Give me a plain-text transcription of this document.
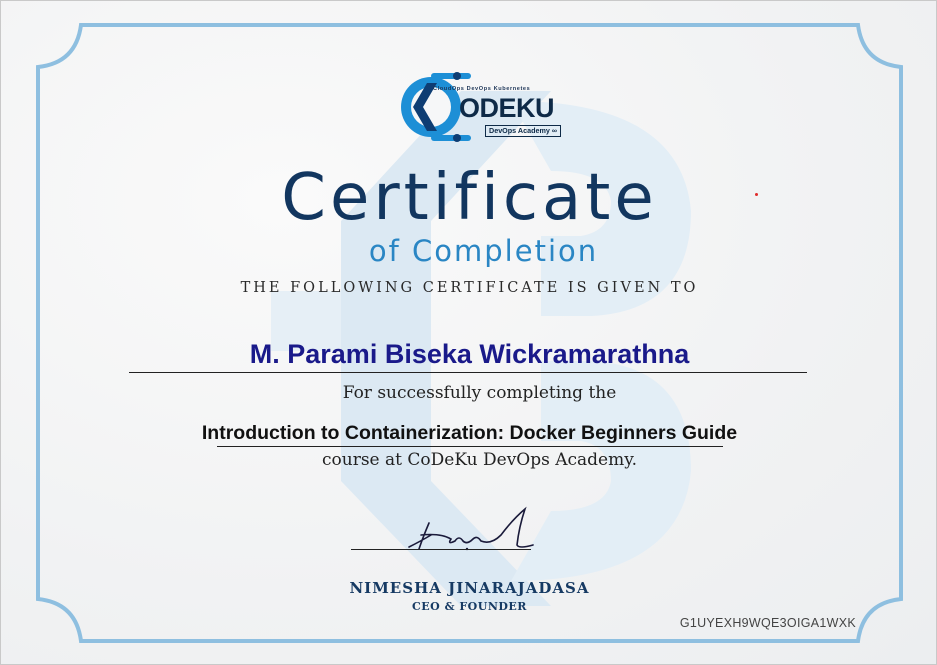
CloudOps DevOps Kubernetes
ODEKU
DevOps Academy ∞
Certificate
of Completion
THE FOLLOWING CERTIFICATE IS GIVEN TO
M. Parami Biseka Wickramarathna
For successfully completing the
Introduction to Containerization: Docker Beginners Guide
course at CoDeKu DevOps Academy.
NIMESHA JINARAJADASA
CEO & FOUNDER
G1UYEXH9WQE3OIGA1WXK
